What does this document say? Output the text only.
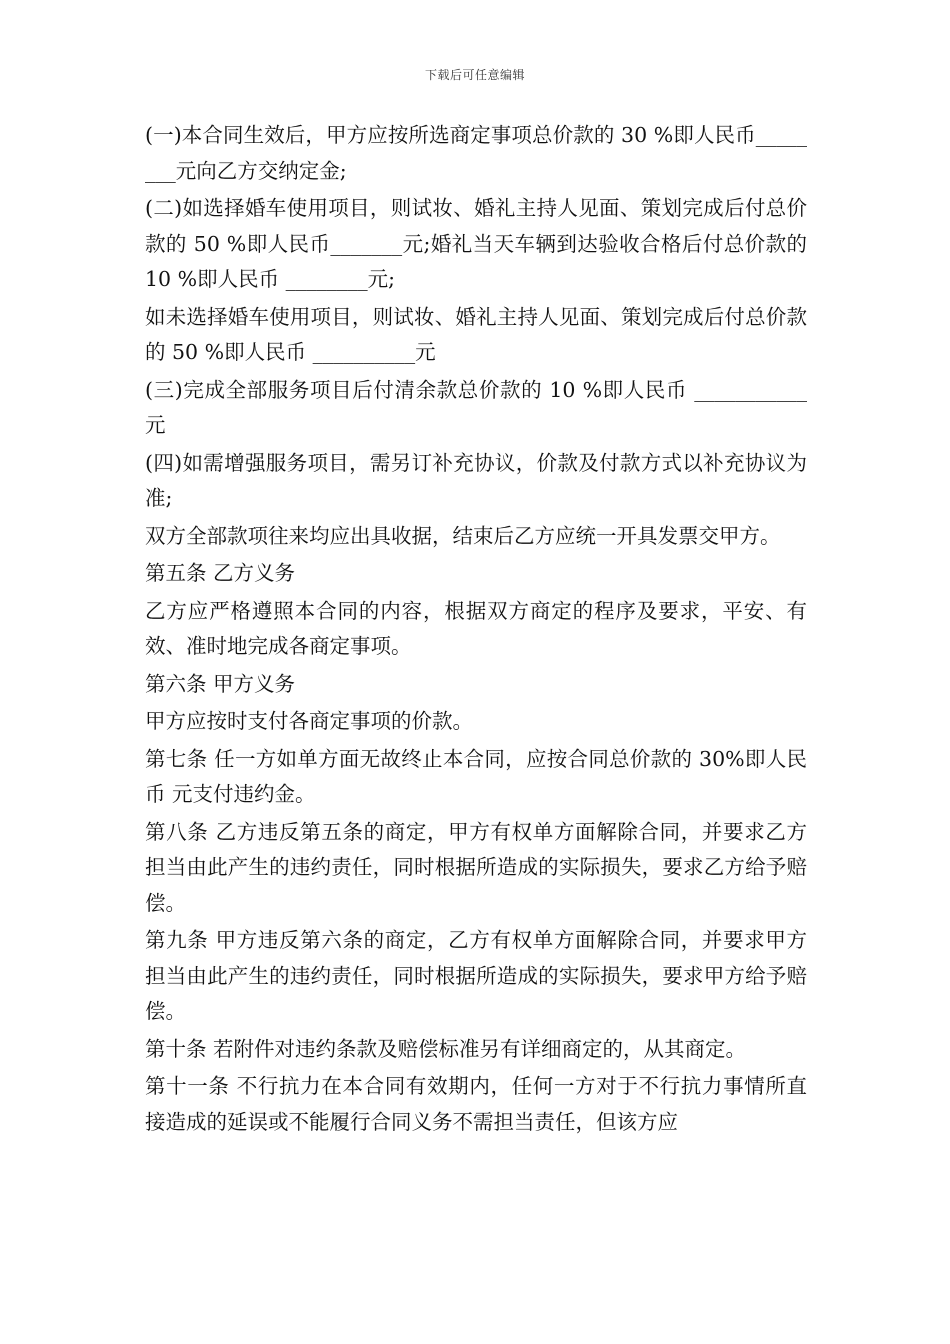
下载后可任意编辑

(一)本合同生效后，甲方应按所选商定事项总价款的 30 %即人民币________元向乙方交纳定金;

(二)如选择婚车使用项目，则试妆、婚礼主持人见面、策划完成后付总价款的 50 %即人民币_______元;婚礼当天车辆到达验收合格后付总价款的 10 %即人民币 ________元;

如未选择婚车使用项目，则试妆、婚礼主持人见面、策划完成后付总价款的 50 %即人民币 __________元

(三)完成全部服务项目后付清余款总价款的 10 %即人民币 ___________元

(四)如需增强服务项目，需另订补充协议，价款及付款方式以补充协议为准;

双方全部款项往来均应出具收据，结束后乙方应统一开具发票交甲方。

第五条 乙方义务

乙方应严格遵照本合同的内容，根据双方商定的程序及要求，平安、有效、准时地完成各商定事项。

第六条 甲方义务

甲方应按时支付各商定事项的价款。

第七条 任一方如单方面无故终止本合同，应按合同总价款的 30%即人民币 元支付违约金。

第八条 乙方违反第五条的商定，甲方有权单方面解除合同，并要求乙方担当由此产生的违约责任，同时根据所造成的实际损失，要求乙方给予赔偿。

第九条 甲方违反第六条的商定，乙方有权单方面解除合同，并要求甲方担当由此产生的违约责任，同时根据所造成的实际损失，要求甲方给予赔偿。

第十条 若附件对违约条款及赔偿标准另有详细商定的，从其商定。

第十一条 不行抗力在本合同有效期内，任何一方对于不行抗力事情所直接造成的延误或不能履行合同义务不需担当责任，但该方应
